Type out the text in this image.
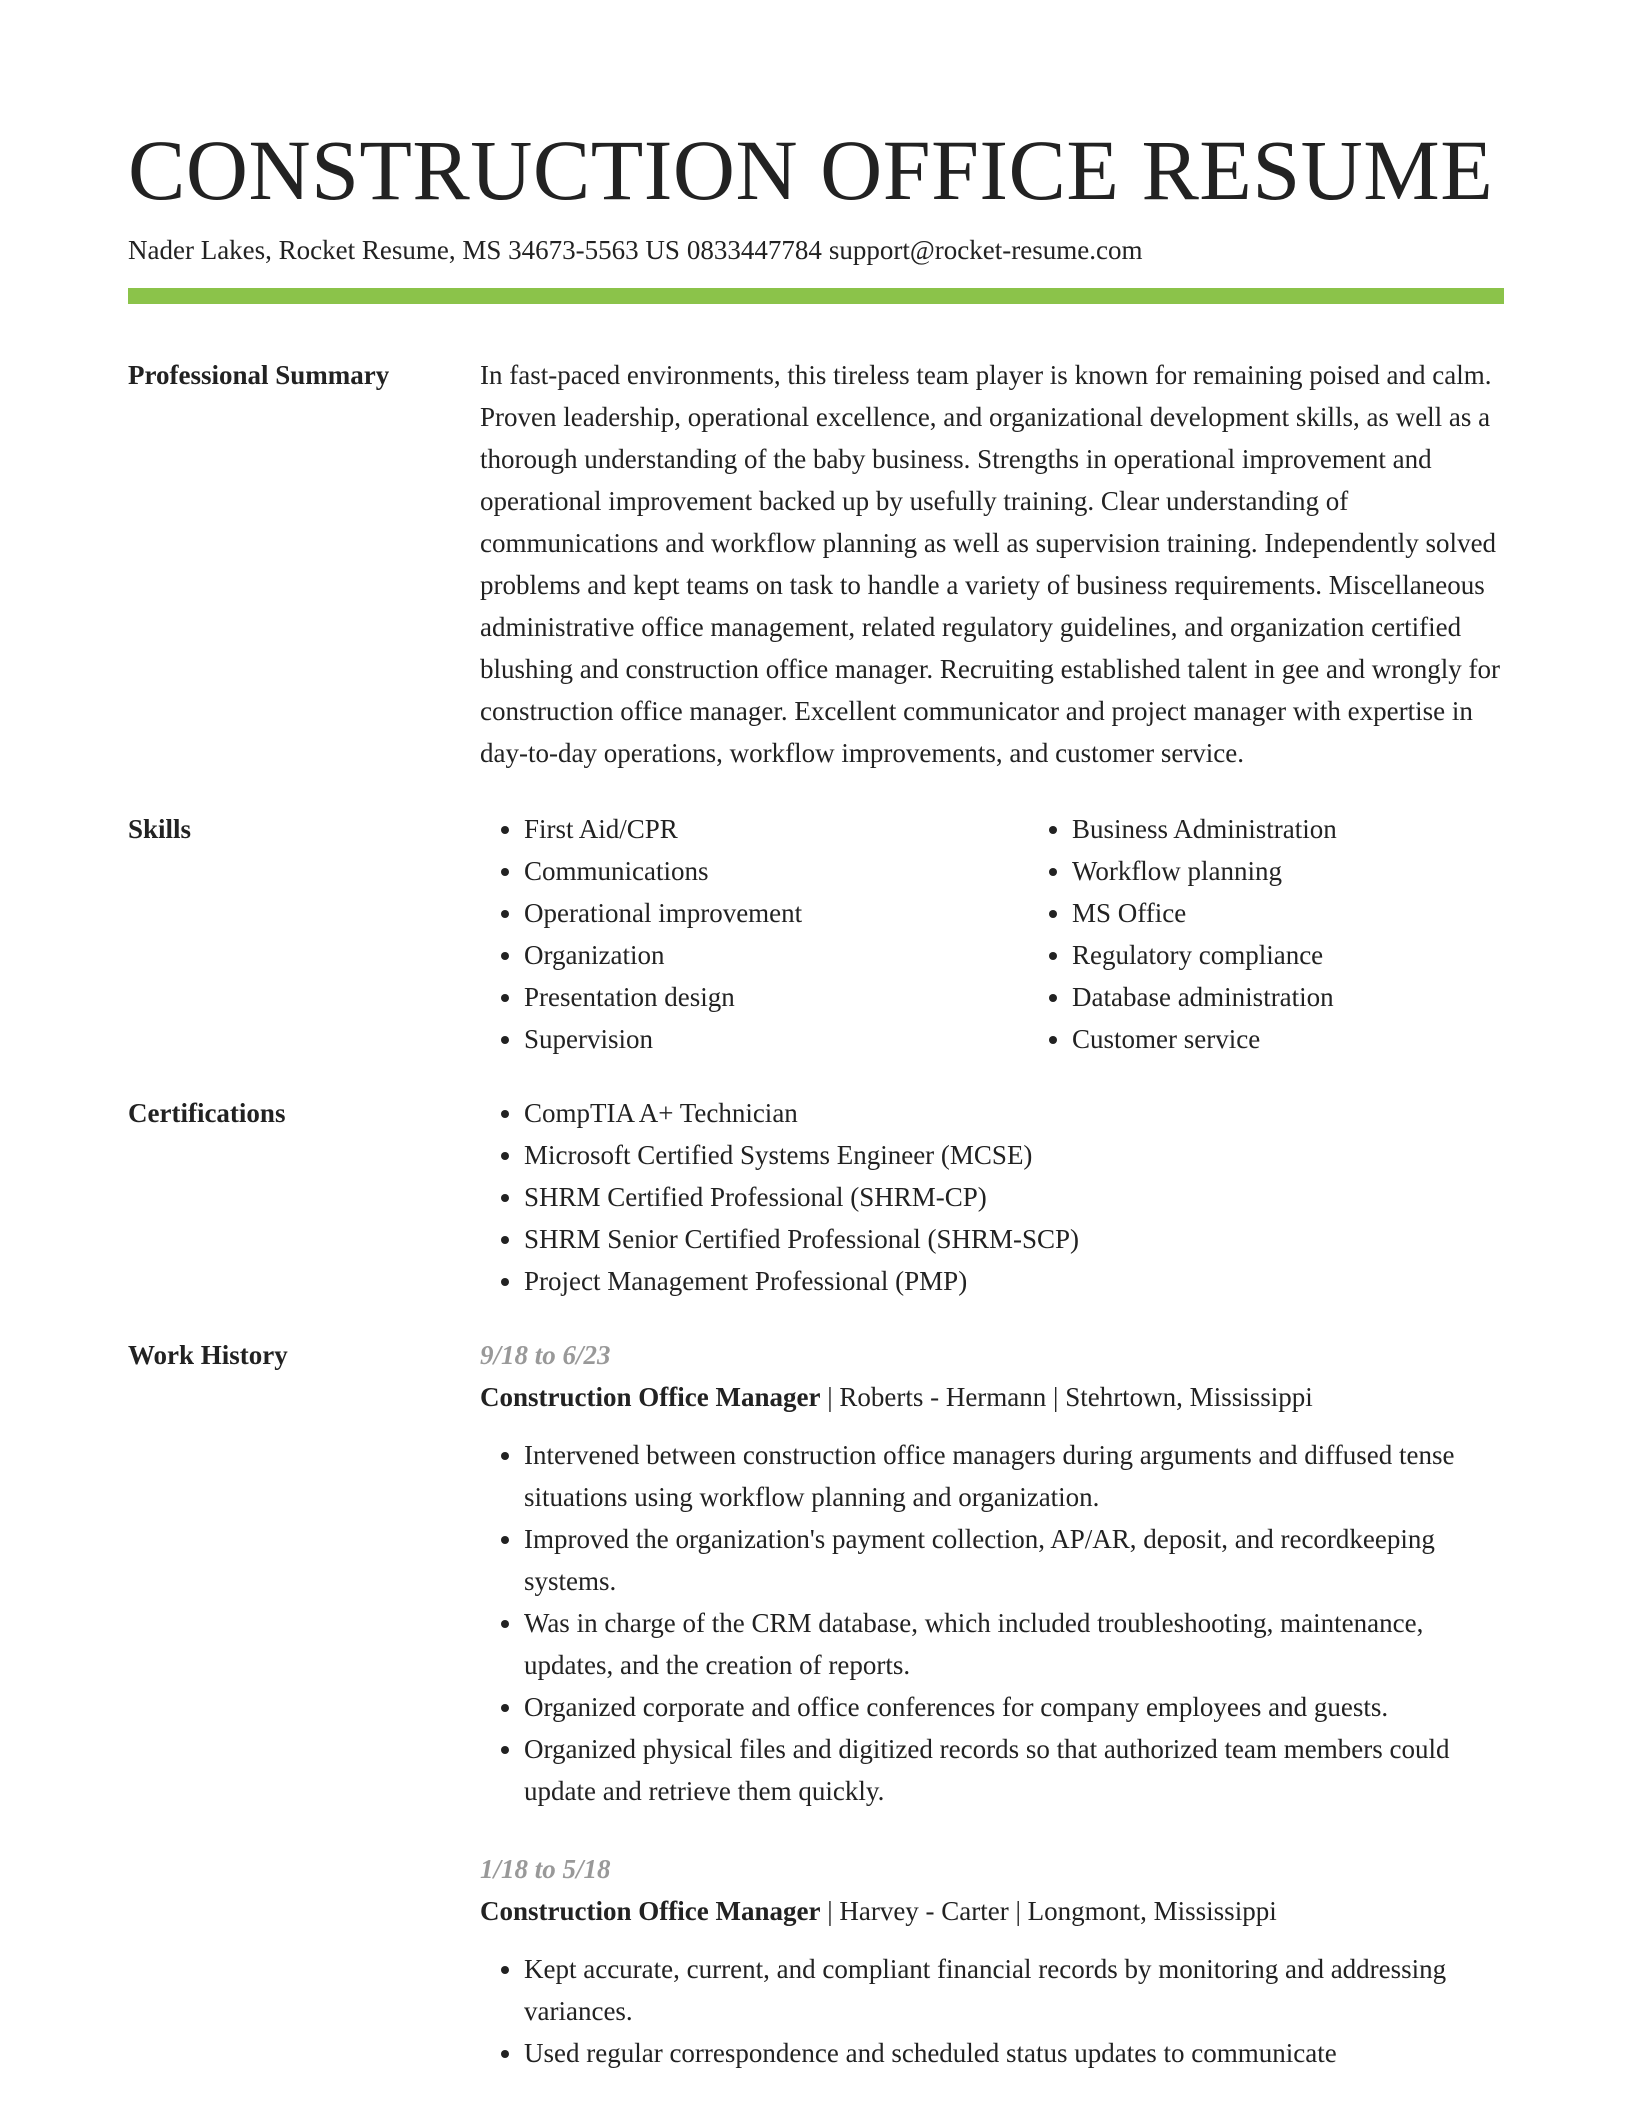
CONSTRUCTION OFFICE RESUME
Nader Lakes, Rocket Resume, MS 34673-5563 US 0833447784 support@rocket-resume.com
Professional Summary	In fast-paced environments, this tireless team player is known for remaining poised and calm. Proven leadership, operational excellence, and organizational development skills, as well as a thorough understanding of the baby business. Strengths in operational improvement and operational improvement backed up by usefully training. Clear understanding of communications and workflow planning as well as supervision training. Independently solved problems and kept teams on task to handle a variety of business requirements. Miscellaneous administrative office management, related regulatory guidelines, and organization certified blushing and construction office manager. Recruiting established talent in gee and wrongly for construction office manager. Excellent communicator and project manager with expertise in day-to-day operations, workflow improvements, and customer service.

Skills	• First Aid/CPR
• Communications
• Operational improvement
• Organization
• Presentation design
• Supervision
• Business Administration
• Workflow planning
• MS Office
• Regulatory compliance
• Database administration
• Customer service
Certifications	• CompTIA A+ Technician
• Microsoft Certified Systems Engineer (MCSE)
• SHRM Certified Professional (SHRM-CP)
• SHRM Senior Certified Professional (SHRM-SCP)
• Project Management Professional (PMP)
Work History	9/18 to 6/23
Construction Office Manager | Roberts - Hermann | Stehrtown, Mississippi
• Intervened between construction office managers during arguments and diffused tense situations using workflow planning and organization.
• Improved the organization's payment collection, AP/AR, deposit, and recordkeeping systems.
• Was in charge of the CRM database, which included troubleshooting, maintenance, updates, and the creation of reports.
• Organized corporate and office conferences for company employees and guests.
• Organized physical files and digitized records so that authorized team members could update and retrieve them quickly.
1/18 to 5/18
Construction Office Manager | Harvey - Carter | Longmont, Mississippi
• Kept accurate, current, and compliant financial records by monitoring and addressing variances.
• Used regular correspondence and scheduled status updates to communicate
